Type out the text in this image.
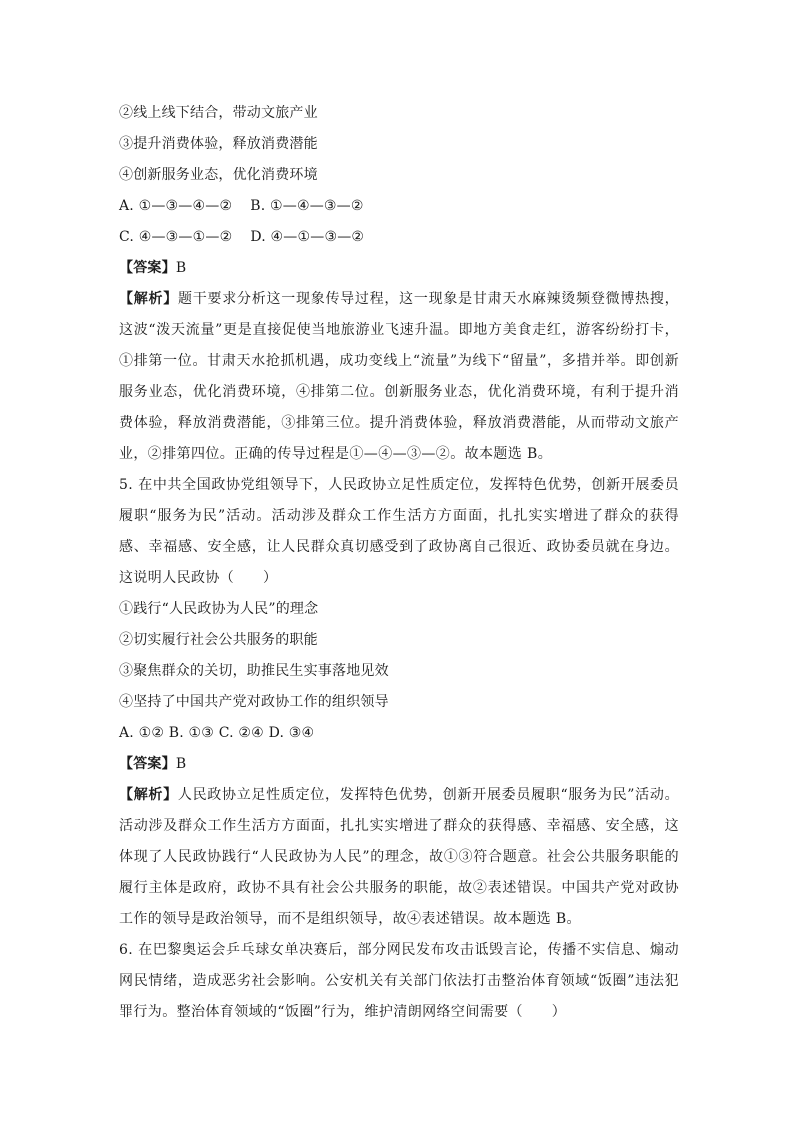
②线上线下结合，带动文旅产业
③提升消费体验，释放消费潜能
④创新服务业态，优化消费环境
A. ①—③—④—② B. ①—④—③—②
C. ④—③—①—② D. ④—①—③—②
【答案】B
【解析】题干要求分析这一现象传导过程，这一现象是甘肃天水麻辣烫频登微博热搜，这波“泼天流量”更是直接促使当地旅游业飞速升温。即地方美食走红，游客纷纷打卡，①排第一位。甘肃天水抢抓机遇，成功变线上“流量”为线下“留量”，多措并举。即创新服务业态，优化消费环境，④排第二位。创新服务业态，优化消费环境，有利于提升消费体验，释放消费潜能，③排第三位。提升消费体验，释放消费潜能，从而带动文旅产业，②排第四位。正确的传导过程是①—④—③—②。故本题选 B。
5. 在中共全国政协党组领导下，人民政协立足性质定位，发挥特色优势，创新开展委员履职“服务为民”活动。活动涉及群众工作生活方方面面，扎扎实实增进了群众的获得感、幸福感、安全感，让人民群众真切感受到了政协离自己很近、政协委员就在身边。这说明人民政协（　　）
①践行“人民政协为人民”的理念
②切实履行社会公共服务的职能
③聚焦群众的关切，助推民生实事落地见效
④坚持了中国共产党对政协工作的组织领导
A. ①② B. ①③ C. ②④ D. ③④
【答案】B
【解析】人民政协立足性质定位，发挥特色优势，创新开展委员履职“服务为民”活动。活动涉及群众工作生活方方面面，扎扎实实增进了群众的获得感、幸福感、安全感，这体现了人民政协践行“人民政协为人民”的理念，故①③符合题意。社会公共服务职能的履行主体是政府，政协不具有社会公共服务的职能，故②表述错误。中国共产党对政协工作的领导是政治领导，而不是组织领导，故④表述错误。故本题选 B。
6. 在巴黎奥运会乒乓球女单决赛后，部分网民发布攻击诋毁言论，传播不实信息、煽动网民情绪，造成恶劣社会影响。公安机关有关部门依法打击整治体育领域“饭圈”违法犯罪行为。整治体育领域的“饭圈”行为，维护清朗网络空间需要（　　）
